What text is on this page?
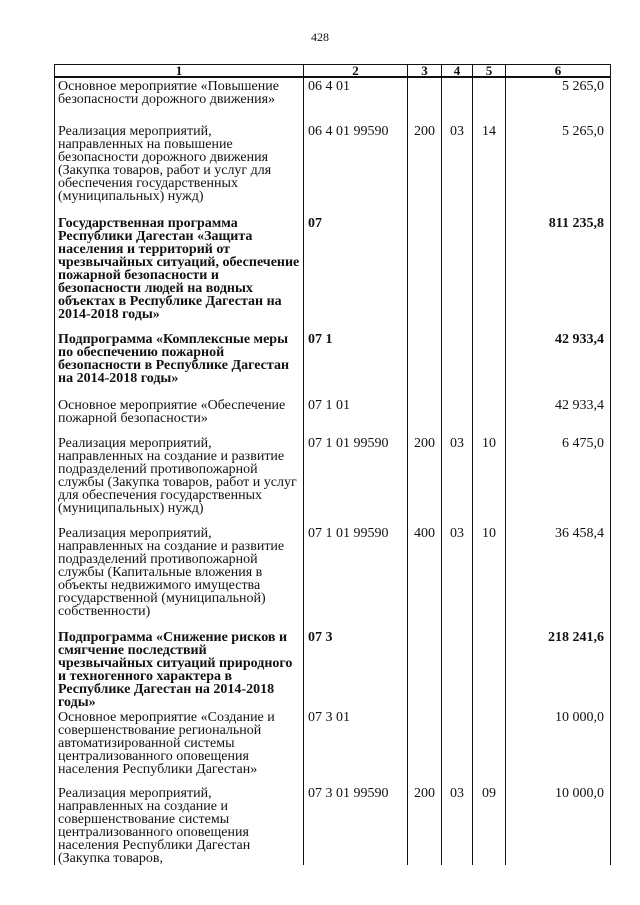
428
1	2	3	4	5	6
Основное мероприятие «Повышение безопасности дорожного движения»	06 4 01				5 265,0
Реализация мероприятий, направленных на повышение безопасности дорожного движения (Закупка товаров, работ и услуг для обеспечения государственных (муниципальных) нужд)	06 4 01 99590	200	03	14	5 265,0
Государственная программа Республики Дагестан «Защита населения и территорий от чрезвычайных ситуаций, обеспечение пожарной безопасности и безопасности людей на водных объектах в Республике Дагестан на 2014-2018 годы»	07				811 235,8
Подпрограмма «Комплексные меры по обеспечению пожарной безопасности в Республике Дагестан на 2014-2018 годы»	07 1				42 933,4
Основное мероприятие «Обеспечение пожарной безопасности»	07 1 01				42 933,4
Реализация мероприятий, направленных на создание и развитие подразделений противопожарной службы (Закупка товаров, работ и услуг для обеспечения государственных (муниципальных) нужд)	07 1 01 99590	200	03	10	6 475,0
Реализация мероприятий, направленных на создание и развитие подразделений противопожарной службы (Капитальные вложения в объекты недвижимого имущества государственной (муниципальной) собственности)	07 1 01 99590	400	03	10	36 458,4
Подпрограмма «Снижение рисков и смягчение последствий чрезвычайных ситуаций природного и техногенного характера в Республике Дагестан на 2014-2018 годы»	07 3				218 241,6
Основное мероприятие «Создание и совершенствование региональной автоматизированной системы централизованного оповещения населения Республики Дагестан»	07 3 01				10 000,0
Реализация мероприятий, направленных на создание и совершенствование системы централизованного оповещения населения Республики Дагестан (Закупка товаров,	07 3 01 99590	200	03	09	10 000,0
